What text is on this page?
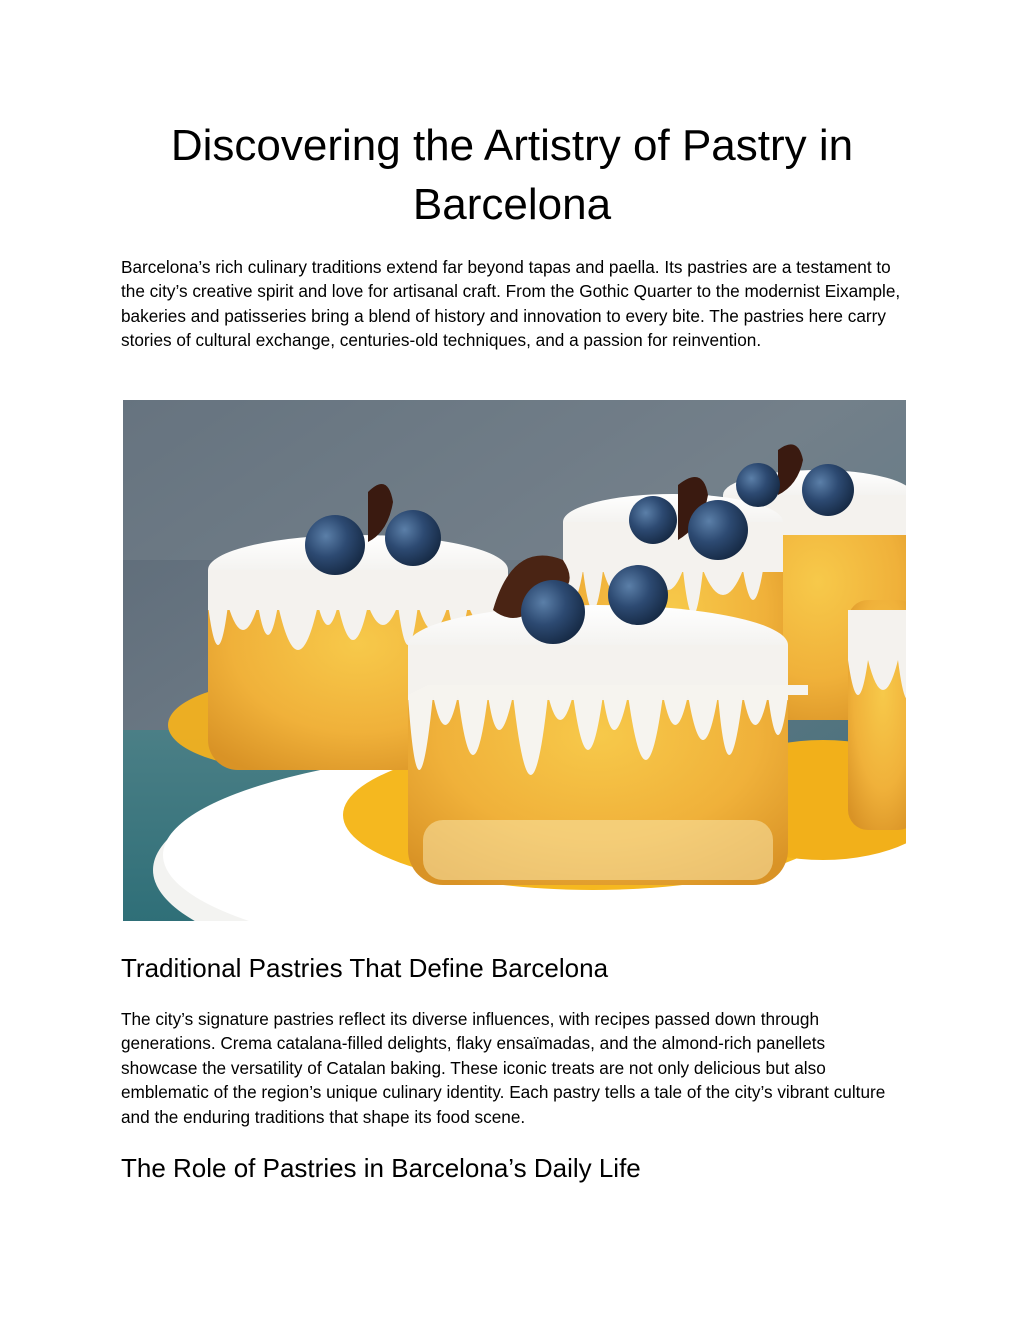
Discovering the Artistry of Pastry in Barcelona

Barcelona’s rich culinary traditions extend far beyond tapas and paella. Its pastries are a testament to the city’s creative spirit and love for artisanal craft. From the Gothic Quarter to the modernist Eixample, bakeries and patisseries bring a blend of history and innovation to every bite. The pastries here carry stories of cultural exchange, centuries-old techniques, and a passion for reinvention.

Traditional Pastries That Define Barcelona

The city’s signature pastries reflect its diverse influences, with recipes passed down through generations. Crema catalana-filled delights, flaky ensaïmadas, and the almond-rich panellets showcase the versatility of Catalan baking. These iconic treats are not only delicious but also emblematic of the region’s unique culinary identity. Each pastry tells a tale of the city’s vibrant culture and the enduring traditions that shape its food scene.

The Role of Pastries in Barcelona’s Daily Life
